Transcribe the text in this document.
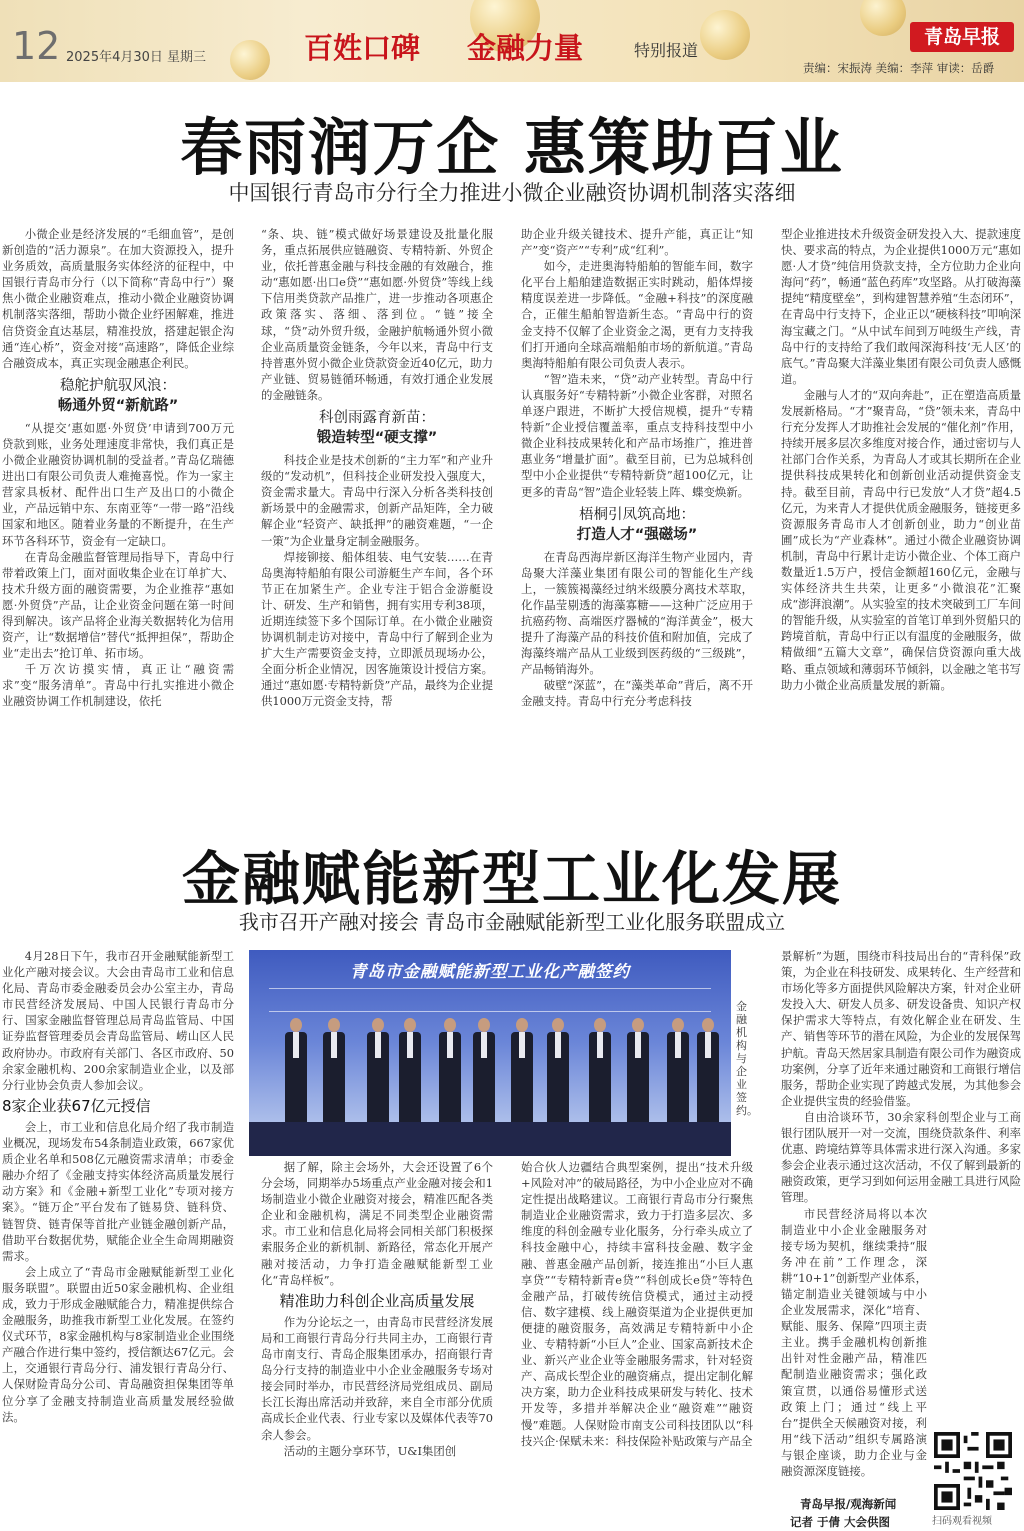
12 2025年4月30日 星期三	百姓口碑 金融力量	特别报道
青岛早报
责编：宋振涛 美编：李萍 审读：岳爵
春雨润万企 惠策助百业
中国银行青岛市分行全力推进小微企业融资协调机制落实落细

小微企业是经济发展的“毛细血管”，是创新创造的“活力源泉”。在加大资源投入，提升业务质效，高质量服务实体经济的征程中，中国银行青岛市分行（以下简称“青岛中行”）聚焦小微企业融资难点，推动小微企业融资协调机制落实落细，帮助小微企业纾困解难，推进信贷资金直达基层，精准投放，搭建起银企沟通“连心桥”，资金对接“高速路”，降低企业综合融资成本，真正实现金融惠企利民。

稳舵护航驭风浪：
畅通外贸“新航路”

“从提交‘惠如愿·外贸贷’申请到700万元贷款到账，业务处理速度非常快，我们真正是小微企业融资协调机制的受益者。”青岛亿瑞德进出口有限公司负责人难掩喜悦。作为一家主营家具板材、配件出口生产及出口的小微企业，产品远销中东、东南亚等“一带一路”沿线国家和地区。随着业务量的不断提升，在生产环节各科环节，资金有一定缺口。

在青岛金融监督管理局指导下，青岛中行带着政策上门，面对面收集企业在订单扩大、技术升级方面的融资需要，为企业推荐“惠如愿·外贸贷”产品，让企业资金问题在第一时间得到解决。该产品将企业海关数据转化为信用资产，让“数据增信”替代“抵押担保”，帮助企业“走出去”抢订单、拓市场。

千万次访摸实情，真正让“融资需求”变“服务清单”。青岛中行扎实推进小微企业融资协调工作机制建设，依托

“条、块、链”模式做好场景建设及批量化服务，重点拓展供应链融资、专精特新、外贸企业，依托普惠金融与科技金融的有效融合，推动“惠如愿·出口e贷”“惠如愿·外贸贷”等线上线下信用类贷款产品推广，进一步推动各项惠企政策落实、落细、落到位。“链”接全球，“贷”动外贸升级，金融护航畅通外贸小微企业高质量资金链条，今年以来，青岛中行支持普惠外贸小微企业贷款资金近40亿元，助力产业链、贸易链循环畅通，有效打通企业发展的金融链条。

科创雨露育新苗：
锻造转型“硬支撑”

科技企业是技术创新的“主力军”和产业升级的“发动机”，但科技企业研发投入强度大，资金需求量大。青岛中行深入分析各类科技创新场景中的金融需求，创新产品矩阵，全力破解企业“轻资产、缺抵押”的融资难题，“一企一策”为企业量身定制金融服务。

焊接铆接、船体组装、电气安装……在青岛奥海特船舶有限公司游艇生产车间，各个环节正在加紧生产。企业专注于铝合金游艇设计、研发、生产和销售，拥有实用专利38项，近期连续签下多个国际订单。在小微企业融资协调机制走访对接中，青岛中行了解到企业为扩大生产需要资金支持，立即派员现场办公，全面分析企业情况，因客施策设计授信方案。通过“惠如愿·专精特新贷”产品，最终为企业提供1000万元资金支持，帮

助企业升级关键技术、提升产能，真正让“知产”变“资产”“专利”成“红利”。

如今，走进奥海特船舶的智能车间，数字化平台上船舶建造数据正实时跳动，船体焊接精度误差进一步降低。“金融+科技”的深度融合，正催生船舶智造新生态。“青岛中行的资金支持不仅解了企业资金之渴，更有力支持我们打开通向全球高端船舶市场的新航道。”青岛奥海特船舶有限公司负责人表示。

“智”造未来，“贷”动产业转型。青岛中行认真服务好“专精特新”小微企业客群，对照名单逐户跟进，不断扩大授信规模，提升“专精特新”企业授信覆盖率，重点支持科技型中小微企业科技成果转化和产品市场推广，推进普惠业务“增量扩面”。截至目前，已为总城科创型中小企业提供“专精特新贷”超100亿元，让更多的青岛“智”造企业轻装上阵、蝶变焕新。

梧桐引凤筑高地：
打造人才“强磁场”

在青岛西海岸新区海洋生物产业园内，青岛聚大洋藻业集团有限公司的智能化生产线上，一簇簇褐藻经过纳米级膜分离技术萃取，化作晶莹剔透的海藻寡糖——这种广泛应用于抗癌药物、高端医疗器械的“海洋黄金”，极大提升了海藻产品的科技价值和附加值，完成了海藻终端产品从工业级到医药级的“三级跳”，产品畅销海外。

破壁“深蓝”，在“藻类革命”背后，离不开金融支持。青岛中行充分考虑科技

型企业推进技术升级资金研发投入大、提款速度快、要求高的特点，为企业提供1000万元“惠如愿·人才贷”纯信用贷款支持，全方位助力企业向海问“药”，畅通“蓝色药库”攻坚路。从打破海藻提纯“精度壁垒”，到构建智慧养殖“生态闭环”，在青岛中行支持下，企业正以“硬核科技”叩响深海宝藏之门。“从中试车间到万吨级生产线，青岛中行的支持给了我们敢闯深海科技‘无人区’的底气。”青岛聚大洋藻业集团有限公司负责人感慨道。

金融与人才的“双向奔赴”，正在塑造高质量发展新格局。“才”聚青岛，“贷”领未来，青岛中行充分发挥人才助推社会发展的“催化剂”作用，持续开展多层次多维度对接合作，通过密切与人社部门合作关系，为青岛人才或其长期所在企业提供科技成果转化和创新创业活动提供资金支持。截至目前，青岛中行已发放“人才贷”超4.5亿元，为来青人才提供优质金融服务，链接更多资源服务青岛市人才创新创业，助力“创业苗圃”成长为“产业森林”。通过小微企业融资协调机制，青岛中行累计走访小微企业、个体工商户数量近1.5万户，授信金额超160亿元，金融与实体经济共生共荣，让更多“小微浪花”汇聚成“澎湃浪潮”。从实验室的技术突破到工厂车间的智能升级，从实验室的首笔订单到外贸船只的跨境首航，青岛中行正以有温度的金融服务，做精做细“五篇大文章”，确保信贷资源向重大战略、重点领域和薄弱环节倾斜，以金融之笔书写助力小微企业高质量发展的新篇。

金融赋能新型工业化发展
我市召开产融对接会 青岛市金融赋能新型工业化服务联盟成立

4月28日下午，我市召开金融赋能新型工业化产融对接会议。大会由青岛市工业和信息化局、青岛市委金融委员会办公室主办，青岛市民营经济发展局、中国人民银行青岛市分行、国家金融监督管理总局青岛监管局、中国证券监督管理委员会青岛监管局、崂山区人民政府协办。市政府有关部门、各区市政府、50余家金融机构、200余家制造业企业，以及部分行业协会负责人参加会议。

8家企业获67亿元授信

会上，市工业和信息化局介绍了我市制造业概况，现场发布54条制造业政策，667家优质企业名单和508亿元融资需求清单；市委金融办介绍了《金融支持实体经济高质量发展行动方案》和《金融+新型工业化”专项对接方案》。“链万企”平台发布了链易贷、链科贷、链智贷、链青保等首批产业链金融创新产品，借助平台数据优势，赋能企业全生命周期融资需求。

会上成立了“青岛市金融赋能新型工业化服务联盟”。联盟由近50家金融机构、企业组成，致力于形成金融赋能合力，精准提供综合金融服务，助推我市新型工业化发展。在签约仪式环节，8家金融机构与8家制造业企业围绕产融合作进行集中签约，授信额达67亿元。会上，交通银行青岛分行、浦发银行青岛分行、人保财险青岛分公司、青岛融资担保集团等单位分享了金融支持制造业高质量发展经验做法。

青岛市金融赋能新型工业化产融签约
金融机构与企业签约。

据了解，除主会场外，大会还设置了6个分会场，同期举办5场重点产业金融对接会和1场制造业小微企业融资对接会，精准匹配各类企业和金融机构，满足不同类型企业融资需求。市工业和信息化局将会同相关部门积极探索服务企业的新机制、新路径，常态化开展产融对接活动，力争打造金融赋能新型工业化“青岛样板”。

精准助力科创企业高质量发展

作为分论坛之一，由青岛市民营经济发展局和工商银行青岛分行共同主办，工商银行青岛市南支行、青岛企服集团承办，招商银行青岛分行支持的制造业中小企业金融服务专场对接会同时举办，市民营经济局党组成员、副局长江长海出席活动并致辞，来自全市部分优质高成长企业代表、行业专家以及媒体代表等70余人参会。

活动的主题分享环节，U&I集团创

始合伙人边疆结合典型案例，提出“技术升级+风险对冲”的破局路径，为中小企业应对不确定性提出战略建议。工商银行青岛市分行聚焦制造业企业融资需求，致力于打造多层次、多维度的科创金融专业化服务，分行牵头成立了科技金融中心，持续丰富科技金融、数字金融、普惠金融产品创新，接连推出“小巨人惠享贷”“专精特新青e贷”“科创成长e贷”等特色金融产品，打破传统信贷模式，通过主动授信、数字建模、线上融资渠道为企业提供更加便捷的融资服务，高效满足专精特新中小企业、专精特新“小巨人”企业、国家高新技术企业、新兴产业企业等金融服务需求，针对轻资产、高成长型企业的融资痛点，提出定制化解决方案，助力企业科技成果研发与转化、技术开发等，多措并举解决企业“融资难”“融资慢”难题。人保财险市南支公司科技团队以“科技兴企·保赋未来：科技保险补贴政策与产品全

景解析”为题，围绕市科技局出台的“青科保”政策，为企业在科技研发、成果转化、生产经营和市场化等多方面提供风险解决方案，针对企业研发投入大、研发人员多、研发设备贵、知识产权保护需求大等特点，有效化解企业在研发、生产、销售等环节的潜在风险，为企业的发展保驾护航。青岛天然居家具制造有限公司作为融资成功案例，分享了近年来通过融资和工商银行增信服务，帮助企业实现了跨越式发展，为其他参会企业提供宝贵的经验借鉴。

自由洽谈环节，30余家科创型企业与工商银行团队展开一对一交流，围绕贷款条件、利率优惠、跨境结算等具体需求进行深入沟通。多家参会企业表示通过这次活动，不仅了解到最新的融资政策，更学习到如何运用金融工具进行风险管理。

市民营经济局将以本次制造业中小企业金融服务对接专场为契机，继续秉持“服务冲在前”工作理念，深耕“10+1”创新型产业体系，锚定制造业关键领域与中小企业发展需求，深化“培育、赋能、服务、保障”四项主责主业。携手金融机构创新推出针对性金融产品，精准匹配制造业融资需求；强化政策宣贯，以通俗易懂形式送政策上门；通过“线上平台”提供全天候融资对接，利用“线下活动”组织专属路演与银企座谈，助力企业与金融资源深度链接。

青岛早报/观海新闻
记者 于倩 大会供图	扫码观看视频
